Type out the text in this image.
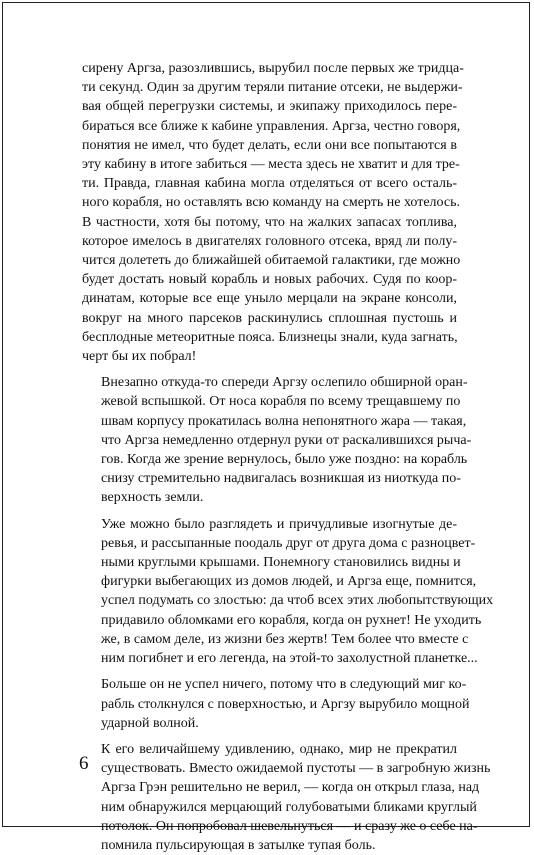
сирену Аргза, разозлившись, вырубил после первых же тридца-
ти секунд. Один за другим теряли питание отсеки, не выдержи-
вая общей перегрузки системы, и экипажу приходилось пере-
бираться все ближе к кабине управления. Аргза, честно говоря,
понятия не имел, что будет делать, если они все попытаются в
эту кабину в итоге забиться — места здесь не хватит и для тре-
ти. Правда, главная кабина могла отделяться от всего осталь-
ного корабля, но оставлять всю команду на смерть не хотелось.
В частности, хотя бы потому, что на жалких запасах топлива,
которое имелось в двигателях головного отсека, вряд ли полу-
чится долететь до ближайшей обитаемой галактики, где можно
будет достать новый корабль и новых рабочих. Судя по коор-
динатам, которые все еще уныло мерцали на экране консоли,
вокруг на много парсеков раскинулись сплошная пустошь и
бесплодные метеоритные пояса. Близнецы знали, куда загнать,
черт бы их побрал!

Внезапно откуда-то спереди Аргзу ослепило обширной оран-
жевой вспышкой. От носа корабля по всему трещавшему по
швам корпусу прокатилась волна непонятного жара — такая,
что Аргза немедленно отдернул руки от раскалившихся рыча-
гов. Когда же зрение вернулось, было уже поздно: на корабль
снизу стремительно надвигалась возникшая из ниоткуда по-
верхность земли.

Уже можно было разглядеть и причудливые изогнутые де-
ревья, и рассыпанные поодаль друг от друга дома с разноцвет-
ными круглыми крышами. Понемногу становились видны и
фигурки выбегающих из домов людей, и Аргза еще, помнится,
успел подумать со злостью: да чтоб всех этих любопытствующих
придавило обломками его корабля, когда он рухнет! Не уходить
же, в самом деле, из жизни без жертв! Тем более что вместе с
ним погибнет и его легенда, на этой-то захолустной планетке...

Больше он не успел ничего, потому что в следующий миг ко-
рабль столкнулся с поверхностью, и Аргзу вырубило мощной
ударной волной.

К его величайшему удивлению, однако, мир не прекратил
существовать. Вместо ожидаемой пустоты — в загробную жизнь
Аргза Грэн решительно не верил, — когда он открыл глаза, над
ним обнаружился мерцающий голубоватыми бликами круглый
потолок. Он попробовал шевельнуться — и сразу же о себе на-
помнила пульсирующая в затылке тупая боль.

6
